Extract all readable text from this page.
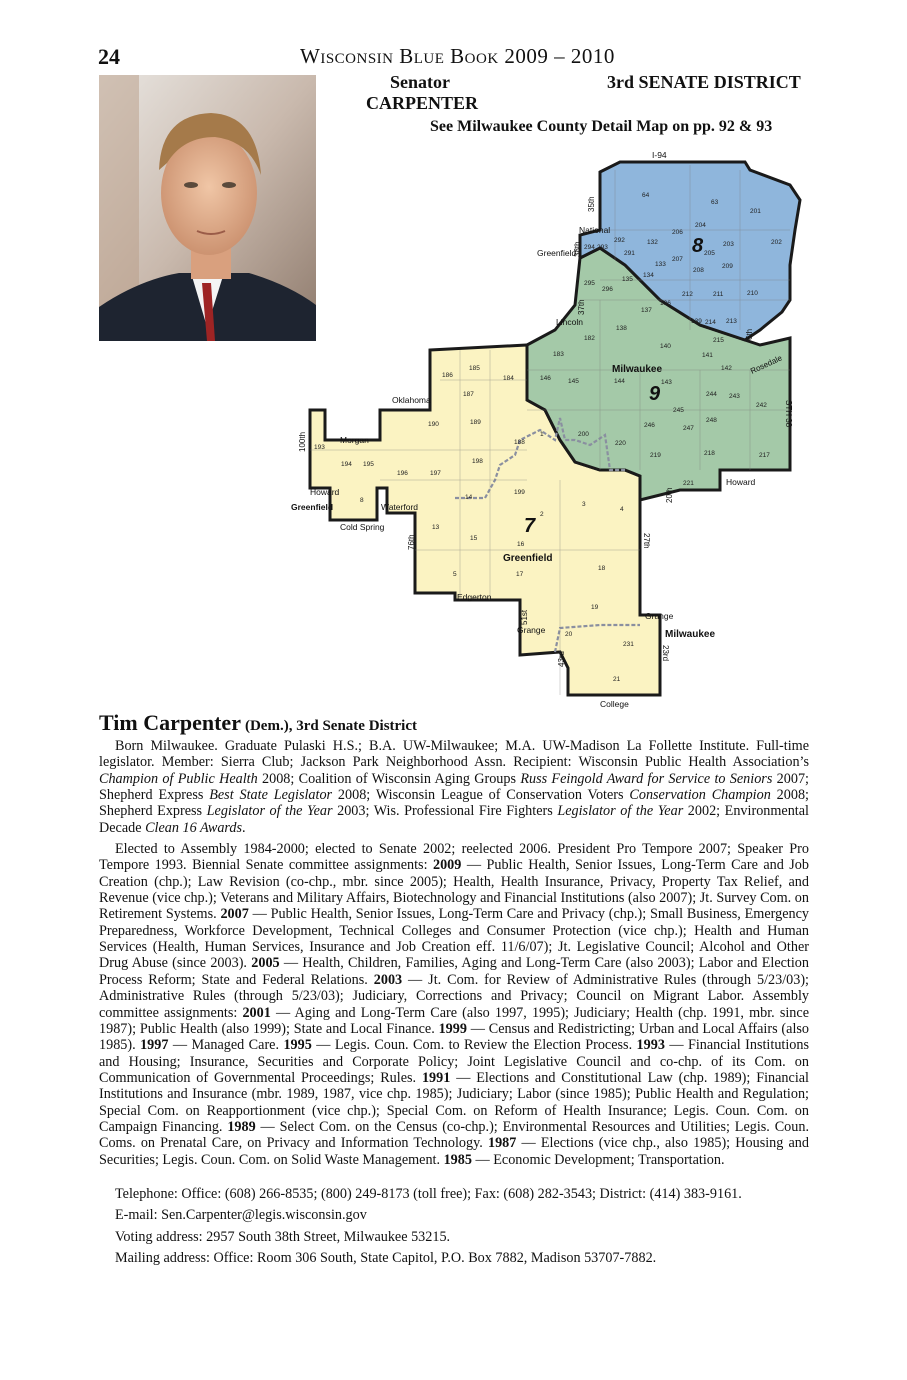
24	Wisconsin Blue Book 2009 – 2010
Senator
CARPENTER
3rd SENATE DISTRICT
See Milwaukee County Detail Map on pp. 92 & 93
I-94
35th
National
Greenfield
38th
37th
Lincoln
6th
Rosedale
Oklahoma	STH 38
100th	Morgan
Howard
Greenfield	Waterford
Cold Spring
76th
20th
Howard
27th
Edgerton
51st
Grange
Grange
43rd	23rd
College
Milwaukee
Greenfield
Milwaukee
8
9
7
64
63
201
202
204
206
203
205
292
294 293
132
291
133
207
208
209
295
296
135
134
137
136
212	211	210
138
139 214 213
182
140
215
141
183
142
146	145	144	143
244 243
184
185
186
187
242
245
246	247
248
190	189
200
220
219	218	217
193
188
1
194 195
196	197
198
221
199
14
8
2
3
4
13
15
16
5	17
18
19
20
231
21
Tim Carpenter (Dem.), 3rd Senate District

Born Milwaukee. Graduate Pulaski H.S.; B.A. UW-Milwaukee; M.A. UW-Madison La Follette Institute. Full-time legislator. Member: Sierra Club; Jackson Park Neighborhood Assn. Recipient: Wisconsin Public Health Association’s Champion of Public Health 2008; Coalition of Wisconsin Aging Groups Russ Feingold Award for Service to Seniors 2007; Shepherd Express Best State Legislator 2008; Wisconsin League of Conservation Voters Conservation Champion 2008; Shepherd Express Legislator of the Year 2003; Wis. Professional Fire Fighters Legislator of the Year 2002; Environmental Decade Clean 16 Awards.

Elected to Assembly 1984-2000; elected to Senate 2002; reelected 2006. President Pro Tempore 2007; Speaker Pro Tempore 1993. Biennial Senate committee assignments: 2009 — Public Health, Senior Issues, Long-Term Care and Job Creation (chp.); Law Revision (co-chp., mbr. since 2005); Health, Health Insurance, Privacy, Property Tax Relief, and Revenue (vice chp.); Veterans and Military Affairs, Biotechnology and Financial Institutions (also 2007); Jt. Survey Com. on Retirement Systems. 2007 — Public Health, Senior Issues, Long-Term Care and Privacy (chp.); Small Business, Emergency Preparedness, Workforce Development, Technical Colleges and Consumer Protection (vice chp.); Health and Human Services (Health, Human Services, Insurance and Job Creation eff. 11/6/07); Jt. Legislative Council; Alcohol and Other Drug Abuse (since 2003). 2005 — Health, Children, Families, Aging and Long-Term Care (also 2003); Labor and Election Process Reform; State and Federal Relations. 2003 — Jt. Com. for Review of Administrative Rules (through 5/23/03); Administrative Rules (through 5/23/03); Judiciary, Corrections and Privacy; Council on Migrant Labor. Assembly committee assignments: 2001 — Aging and Long-Term Care (also 1997, 1995); Judiciary; Health (chp. 1991, mbr. since 1987); Public Health (also 1999); State and Local Finance. 1999 — Census and Redistricting; Urban and Local Affairs (also 1985). 1997 — Managed Care. 1995 — Legis. Coun. Com. to Review the Election Process. 1993 — Financial Institutions and Housing; Insurance, Securities and Corporate Policy; Joint Legislative Council and co-chp. of its Com. on Communication of Governmental Proceedings; Rules. 1991 — Elections and Constitutional Law (chp. 1989); Financial Institutions and Insurance (mbr. 1989, 1987, vice chp. 1985); Judiciary; Labor (since 1985); Public Health and Regulation; Special Com. on Reapportionment (vice chp.); Special Com. on Reform of Health Insurance; Legis. Coun. Com. on Campaign Financing. 1989 — Select Com. on the Census (co-chp.); Environmental Resources and Utilities; Legis. Coun. Coms. on Prenatal Care, on Privacy and Information Technology. 1987 — Elections (vice chp., also 1985); Housing and Securities; Legis. Coun. Com. on Solid Waste Management. 1985 — Economic Development; Transportation.

Telephone: Office: (608) 266-8535; (800) 249-8173 (toll free); Fax: (608) 282-3543; District: (414) 383-9161.
E-mail: Sen.Carpenter@legis.wisconsin.gov
Voting address: 2957 South 38th Street, Milwaukee 53215.
Mailing address: Office: Room 306 South, State Capitol, P.O. Box 7882, Madison 53707-7882.
